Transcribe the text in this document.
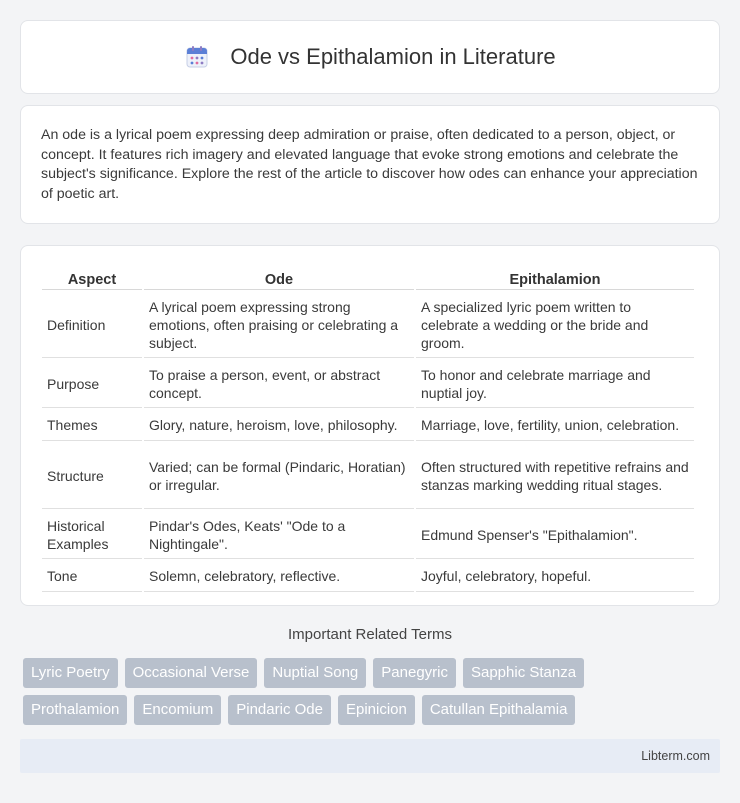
Ode vs Epithalamion in Literature

An ode is a lyrical poem expressing deep admiration or praise, often dedicated to a person, object, or concept. It features rich imagery and elevated language that evoke strong emotions and celebrate the subject's significance. Explore the rest of the article to discover how odes can enhance your appreciation of poetic art.

Aspect	Ode	Epithalamion
Definition	A lyrical poem expressing strong emotions, often praising or celebrating a subject.	A specialized lyric poem written to celebrate a wedding or the bride and groom.
Purpose	To praise a person, event, or abstract concept.	To honor and celebrate marriage and nuptial joy.
Themes	Glory, nature, heroism, love, philosophy.	Marriage, love, fertility, union, celebration.
Structure	Varied; can be formal (Pindaric, Horatian) or irregular.	Often structured with repetitive refrains and stanzas marking wedding ritual stages.
Historical Examples	Pindar's Odes, Keats' "Ode to a Nightingale".	Edmund Spenser's "Epithalamion".
Tone	Solemn, celebratory, reflective.	Joyful, celebratory, hopeful.
Important Related Terms
Lyric Poetry	Occasional Verse	Nuptial Song	Panegyric	Sapphic Stanza
Prothalamion	Encomium	Pindaric Ode	Epinicion	Catullan Epithalamia
Libterm.com
